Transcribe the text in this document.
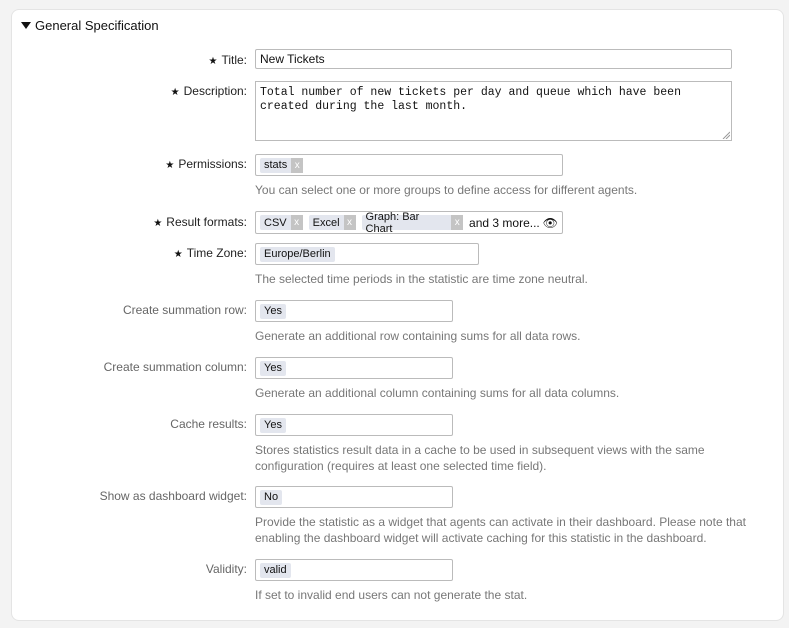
General Specification
★ Title: New Tickets
★ Description:	Total number of new tickets per day and queue which have been
created during the last month.

★ Permissions: stats x
You can select one or more groups to define access for different agents.
★ Result formats: CSV x	Excel x	Graph: Bar Chart	x and 3 more... 👁
★ Time Zone:	Europe/Berlin
The selected time periods in the statistic are time zone neutral.
Create summation row:	Yes
Generate an additional row containing sums for all data rows.
Create summation column:	Yes
Generate an additional column containing sums for all data columns.
Cache results:	Yes
Stores statistics result data in a cache to be used in subsequent views with the same
configuration (requires at least one selected time field).
Show as dashboard widget:	No
Provide the statistic as a widget that agents can activate in their dashboard. Please note that
enabling the dashboard widget will activate caching for this statistic in the dashboard.
Validity:	valid
If set to invalid end users can not generate the stat.
